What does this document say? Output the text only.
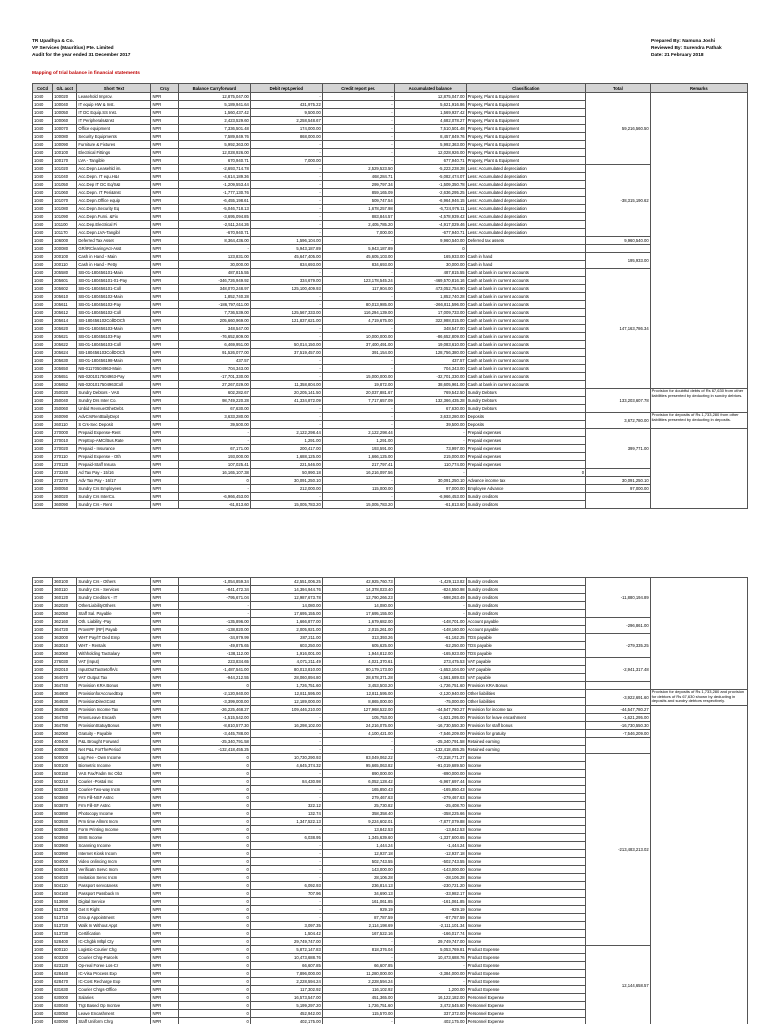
TR Upadhya & Co.
VF Services (Mauritius) Pte. Limited
Audit for the year ended 31 December 2017
Prepared By: Namuna Joshi
Reviewed By: Surendra Pathak
Date: 21 February 2018
Mapping of trial balance in financial statements
CoCd	G/L acct	Short Text	Crcy	Balance Carryforward	Debit rept.period	Credit report per.	Accumulated balance	Classification	Total	Remarks
1040	100020	Leasehold Improv.	NPR	12,875,047.00	-	-	12,875,047.00	Propery, Plant & Equipment	59,216,560.50	
1040	100040	IT equip HW & Inst.	NPR	5,189,941.64	431,975.22	-	5,621,916.86	Propery, Plant & Equipment		
1040	100050	IT DC Equip.SS Inst.	NPR	1,560,437.42	9,500.00	-	1,569,937.42	Propery, Plant & Equipment		
1040	100060	IT Peripherals&Inst	NPR	2,423,529.60	2,258,548.67	-	4,682,078.27	Propery, Plant & Equipment		
1040	100070	Office equipment	NPR	7,336,501.48	174,000.00	-	7,510,501.48	Propery, Plant & Equipment		
1040	100080	Security Equipments	NPR	7,589,849.76	868,000.00	-	8,457,849.76	Propery, Plant & Equipment		
1040	100090	Furniture & Fixtures	NPR	5,992,363.00	-	-	5,992,363.00	Propery, Plant & Equipment		
1040	100100	Electrical Fittings	NPR	12,028,926.00	-	-	12,028,926.00	Propery, Plant & Equipment		
1040	100170	LVA - Tangible	NPR	670,940.71	7,000.00	-	677,940.71	Propery, Plant & Equipment		
1040	101020	Acc.Depn.Leasehld im.	NPR	-2,693,714.78	-	2,529,523.50	-5,223,238.28	Less: Accumulated depreciation	-38,315,190.62	
1040	101040	Acc.Depn. IT equ.H&I	NPR	-4,614,189.36	-	468,284.71	-5,082,474.07	Less: Accumulated depreciation		
1040	101050	Acc.Dep IT DC Eq/S&I	NPR	-1,209,553.44	-	299,797.34	-1,509,350.78	Less: Accumulated depreciation		
1040	101060	Acc.Depn. IT Peri&Inst	NPR	-1,777,130.76	-	859,165.09	-2,636,295.25	Less: Accumulated depreciation		
1040	101070	Acc.Depn.Office equip	NPR	-6,455,198.61	-	509,747.54	-6,964,946.15	Less: Accumulated depreciation		
1040	101080	Acc.Depn.Security Eq	NPR	-5,046,718.13	-	1,678,257.98	-6,724,976.11	Less: Accumulated depreciation		
1040	101090	Acc.Depn.Furni. &Fix	NPR	-3,695,094.85	-	883,844.57	-4,578,939.42	Less: Accumulated depreciation		
1040	101100	Acc.Dep.Electrical Fi	NPR	-2,511,244.26	-	2,405,785.20	-4,917,029.46	Less: Accumulated depreciation		
1040	101170	Acc.Depn.LVA-Tangibl	NPR	-670,940.71	-	7,000.00	-677,940.71	Less: Accumulated depreciation		
1040	106000	Deferred Tax Asset	NPR	8,364,436.00	1,596,104.00	-	9,960,540.00	Deferred tax assets	9,960,540.00	
1040	200080	GR/IRClearingAct-Asst	NPR	-	5,943,187.89	5,943,187.89	0			
1040	200100	Cash in Hand - Main	NPR	123,831.00	45,647,405.00	45,605,103.00	165,933.00	Cash in hand	195,933.00	
1040	200110	Cash in Hand - Petty	NPR	30,000.00	834,693.00	834,693.00	30,000.00	Cash in hand		
1040	205580	SB-01-180456101-Main	NPR	487,815.55	-	-	487,815.55	Cash at bank in current accounts	147,163,786.34	
1040	205601	SB-01-180456101-01-Pay	NPR	-346,726,949.92	334,679.00	123,178,545.24	-469,570,816.16	Cash at bank in current accounts		
1040	205602	SB-01-180456101-Coll	NPR	348,070,248.97	125,100,409.93	117,904.00	473,052,754.90	Cash at bank in current accounts		
1040	205610	SB-01-180456102-Main	NPR	1,852,740.28	-	-	1,852,740.28	Cash at bank in current accounts		
1040	205611	SB-01-180456102-Pay	NPR	-186,797,611.00	-	80,013,985.00	-266,811,596.00	Cash at bank in current accounts		
1040	205612	SB-01-180456102-Coll	NPR	7,736,539.00	125,567,333.00	116,294,139.00	17,009,733.00	Cash at bank in current accounts		
1040	205614	SB-180456102CollDOCh	NPR	205,660,969.00	121,837,621.00	4,719,675.00	322,988,015.00	Cash at bank in current accounts		
1040	205620	SB-01-180456103-Main	NPR	348,547.00	-	-	348,547.00	Cash at bank in current accounts		
1040	205621	SB-01-180456103-Pay	NPR	-76,652,809.00	-	10,000,000.00	-86,652,809.00	Cash at bank in current accounts		
1040	205622	SB-01-180456103-Coll	NPR	6,469,951.00	50,014,150.00	37,400,491.00	19,083,610.00	Cash at bank in current accounts		
1040	205624	SB-180456103CollDOCh	NPR	91,526,077.00	37,519,457.00	391,154.00	128,756,380.00	Cash at bank in current accounts		
1040	205630	SB-01-180456198-Main	NPR	437.57	-	-	437.57	Cash at bank in current accounts		
1040	205650	NB-01170504963-Main	NPR	704,343.00	-	-	704,343.00	Cash at bank in current accounts		
1040	205651	NB-0201017504963-Pay	NPR	-17,701,330.00	-	15,000,000.00	-32,701,330.00	Cash at bank in current accounts		
1040	205652	NB-0201017504963Coll	NPR	27,267,029.00	11,358,804.00	19,872.00	38,605,961.00	Cash at bank in current accounts		
1040	250020	Sundry Debtors - VAS	NPR	602,282.67	20,205,141.50	20,037,881.67	769,542.50	Sundry Debtors	133,203,607.78	Provision for doubtful debts of Rs 67,630 from other liabilities presented by deducting in sundry debtors.
1040	250040	Sundry Drs Inter Co.	NPR	98,749,220.28	41,334,872.09	7,717,657.09	132,366,435.28	Sundry Debtors		
1040	250060	Unbid RevnueOtheDebt.	NPR	67,630.00	-	-	67,630.00	Sundry Debtors		
1040	260090	AdvCrsRentBailyDept	NPR	3,633,280.00	-	-	3,633,280.00	Deposits	3,672,780.00	Provision for deposits of Rs 1,733,280 from other liabilities presented by deducting in deposits.
1040	260110	S Crs-Sec Deposit	NPR	39,500.00	-	-	39,500.00	Deposits		
1040	270000	Prepaid Expense-Rent	NPR	-	2,122,298.44	2,122,298.44	-	Prepaid expenses	399,771.00	
1040	270010	PrepExp-AMC/Bus.Rate	NPR	-	1,291.00	1,291.00	-	Prepaid expenses		
1040	270020	Prepaid - Insurance	NPR	67,171.00	200,417.00	193,591.00	73,997.00	Prepaid expenses		
1040	270110	Prepaid Expense - Oth	NPR	193,000.00	1,688,125.00	1,666,125.00	215,000.00	Prepaid expenses		
1040	270120	Prepaid-Staff Insura	NPR	107,025.41	221,546.00	217,797.41	110,774.00	Prepaid expenses		
1040	273240	Ad Tax Pay - 15/16	NPR	16,165,107.38	50,990.18	16,216,097.56	-	0		
1040	273270	Adv Tax Pay - 16/17	NPR	0	30,091,250.10	-	30,091,250.10	Advance income tax	30,091,250.10	
1040	280050	Sundry Crs Employees	NPR	-	212,000.00	115,000.00	97,000.00	Employee Advance	97,000.00	
1040	360020	Sundry Crs InterCo.	NPR	-6,966,453.00	-	-	-6,966,453.00	Sundry creditors		
1040	360090	Sundry Crs - Rent	NPR	-61,813.60	15,005,783.20	15,005,783.20	-61,813.60	Sundry creditors		
1040	360100	Sundry Crs - Others	NPR	-1,054,859.34	42,551,006.25	42,925,760.73	-1,429,113.82	Sundry creditors	-11,880,194.89	
1040	360110	Sundry Crs - Services	NPR	-841,472.34	14,394,944.76	14,378,023.40	-824,550.98	Sundry creditors		
1040	360120	Sundry Creditors - IT	NPR	-795,671.04	12,987,673.78	12,790,266.23	-598,263.49	Sundry creditors		
1040	362020	OtherLiabilityOthers	NPR	-	14,080.00	14,080.00	-	Sundry creditors		
1040	362050	Staff Sal. Payable	NPR	-	17,695,155.00	17,695,155.00	-	Sundry creditors		
1040	362160	Oth. Liability -Pay	NPR	-135,896.00	1,666,877.00	1,679,682.00	-148,701.00	Account payable	-296,861.00	
1040	364720	ProvnPF (RF) Payab	NPR	-138,820.00	2,005,921.00	2,015,261.00	-148,160.00	Account payable		
1040	363000	WHT Pay/IT Ded Emp	NPR	-34,979.99	287,211.00	313,393.26	-61,162.25	TDS payable	-279,335.25	
1040	363010	WHT - Rentals	NPR	-49,875.65	603,250.00	605,625.00	-52,250.00	TDS payable		
1040	363060	Withholding TaxSalary	NPR	-138,112.00	1,916,001.00	1,944,812.00	-165,923.00	TDS payable		
1040	276030	VAT (Input)	NPR	223,834.65	4,071,211.49	4,021,370.61	273,475.53	VAT payable	-2,941,317.48	
1040	282010	InputOutTaxSetoffA/c	NPR	-1,487,541.00	80,013,810.00	80,179,173.00	-1,653,104.00	VAT payable		
1040	364070	VAT Output Tax	NPR	-944,212.55	28,060,894.80	28,678,371.28	-1,561,689.03	VAT payable		
1040	364740	Provision KRA Bonus	NPR	0	1,726,751.60	3,453,503.20	-1,726,751.60	Provision KRA Bonus		
1040	364800	ProvisionforAccruedExp	NPR	-2,120,940.00	12,811,595.00	12,811,595.00	-2,120,940.00	Other liabilities	-3,922,691.60	Provision for deposits of Rs 1,733,280 and provision for debtors of Rs 67,630 shown by deducting in deposits and sundry debtors respectively.
1040	364830	ProvisionDirectCost	NPR	-3,399,000.00	12,189,000.00	8,865,000.00	-75,000.00	Other liabilities		
1040	364500	Provision Income Tax	NPR	-26,225,468.27	109,446,210.00	127,968,522.00	-44,547,780.27	Provision for income tax	-44,547,780.27	
1040	364780	ProvnLeave Encash	NPR	-1,515,542.00	-	105,753.00	-1,621,295.00	Provision for leave encashment	-1,621,295.00	
1040	364790	ProvisionStatuyBonus	NPR	-8,810,577.30	16,298,102.00	24,216,075.00	-16,730,550.30	Provision for staff bonus	-16,730,550.30	
1040	362060	Gratuity - Payable	NPR	-3,445,788.00	-	4,100,421.00	-7,546,209.00	Provision for gratuity	-7,546,209.00	
1040	400400	P&L Brought Forward	NPR	-25,340,791.58	-	-	-25,340,791.58	Retained earning		
1040	400500	Net P&L ForThePeriod	NPR	-132,418,455.25	-	-	-132,418,455.25	Retained earning		
1040	500000	Log Fee - Own Income	NPR	0	10,730,290.93	83,049,062.22	-72,318,771.27	Income	-213,483,213.02	
1040	500100	Biometric Income	NPR	0	4,645,374.32	95,665,063.82	-91,019,689.50	Income		
1040	500150	VAS Fax/Fadm Inc Ob2	NPR	0	-	890,000.00	-890,000.00	Income		
1040	503210	Courier -Postal Inc	NPR	0	84,430.98	6,052,128.42	-5,967,697.44	Income		
1040	503240	Courier-Two-way Incm	NPR	0	-	165,850.43	-165,850.43	Income		
1040	503860	Frm Fill-NSF Astnc	NPR	0	-	279,467.63	-279,467.63	Income		
1040	503870	Frm Fill-SF Astnc	NPR	0	322.12	25,730.82	-25,408.70	Income		
1040	503890	Photocopy Income	NPR	0	132.74	358,358.40	-358,225.66	Income		
1040	503930	Prm time Allmnt Incm	NPR	0	1,347,522.13	9,224,602.01	-7,877,079.88	Income		
1040	503940	Form Printing Income	NPR	0	-	13,842.53	-13,842.53	Income		
1040	503950	SMS Income	NPR	0	6,038.95	1,345,639.60	-1,337,600.65	Income		
1040	503960	Scanning Income	NPR	0	-	1,444.24	-1,444.24	Income		
1040	503990	Internet Kiosk Incom	NPR	0	-	12,937.18	-12,937.18	Income		
1040	504000	Video onlincing Incm	NPR	0	-	502,743.55	-502,743.55	Income		
1040	504010	Verificatn Servc Incm	NPR	0	-	143,000.00	-143,000.00	Income		
1040	504020	Invitation Servc Incm	NPR	0	-	28,106.28	-28,106.28	Income		
1040	504110	Passport servc&ness	NPR	0	6,092.93	236,814.13	-230,721.20	Income		
1040	504160	Passport Passback In	NPR	0	707.96	34,690.13	-33,982.17	Income		
1040	513690	Digital Service	NPR	0	-	161,061.85	-161,061.85	Income		
1040	513700	Get It Right	NPR	0	-	929.19	-929.19	Income		
1040	513710	Group Appointment	NPR	0	-	87,787.59	-87,787.59	Income		
1040	513720	Walk In Without Appt	NPR	0	3,097.35	2,114,198.69	-2,111,101.34	Income		
1040	513730	Certification	NPR	0	1,504.42	167,522.16	-166,017.74	Income		
1040	528400	IC-Chgbk Mltpl Cty	NPR	0	29,749,747.00	-	29,749,747.00	Income		
1040	600110	Logistic-Courier Chg	NPR	0	5,872,147.83	818,376.04	5,053,769.81	Product Expense	12,144,658.57	
1040	603200	Courier Chrg-Parcels	NPR	0	10,473,688.76	-	10,473,688.76	Product Expense		
1040	623120	Op-real Foree Los-Cr	NPR	0	66,607.85	66,607.85	-	Product Expense		
1040	628440	IC-Visa Process Exp	NPR	0	7,896,000.00	11,280,000.00	-3,384,000.00	Product Expense		
1040	628470	IC-Cost Recharge Exp	NPR	0	2,228,594.24	2,228,594.24	-	Product Expense		
1040	631630	Courier Chrgs-Office	NPR	0	117,302.92	116,102.92	1,200.00	Product Expense		
1040	630000	Salaries	NPR	0	16,573,547.00	451,365.00	16,122,182.00	Personnel Expense		
1040	630040	Trgt Based Op Incntve	NPR	0	5,199,297.20	1,726,751.60	3,472,545.60	Personnel Expense		
1040	630050	Leave Encashment	NPR	0	452,942.00	115,570.00	337,372.00	Personnel Expense		
1040	630090	Staff Uniform Chrg	NPR	0	402,175.00	-	402,175.00	Personnel Expense		
